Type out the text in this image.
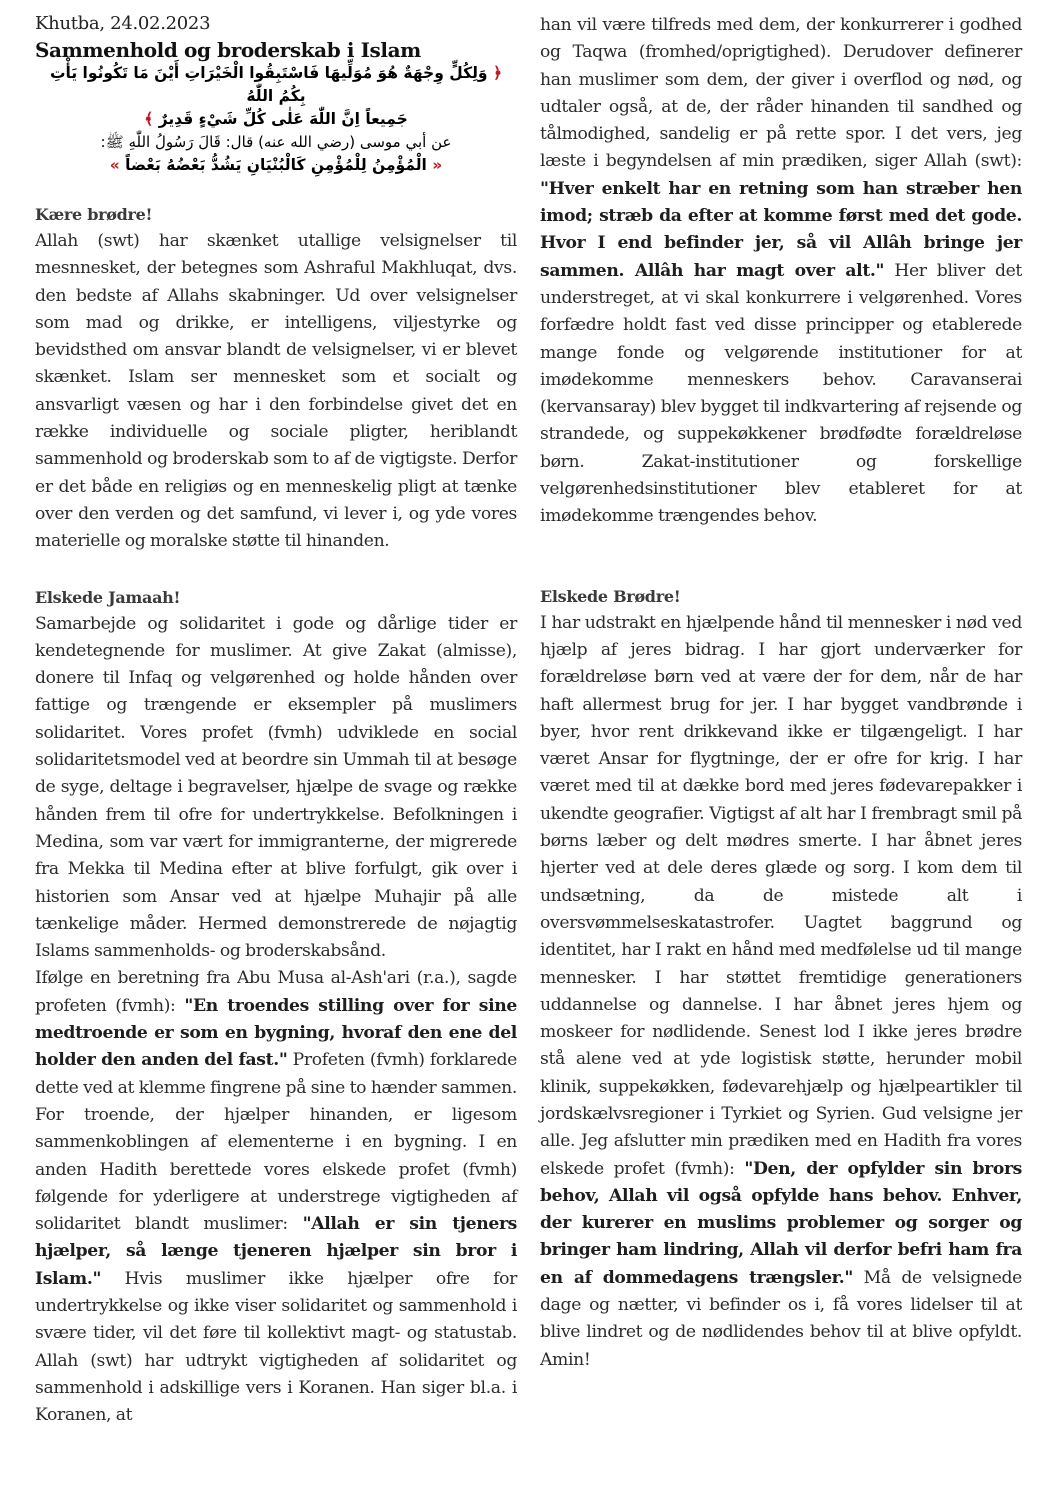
Khutba, 24.02.2023
Sammenhold og broderskab i Islam

﴿ وَلِكُلٍّ وِجْهَةٌ هُوَ مُوَلِّيهَا فَاسْتَبِقُوا الْخَيْرَاتِ أَيْنَ مَا تَكُونُوا يَأْتِ بِكُمُ اللّٰهُ

جَمِيعاً اِنَّ اللّٰهَ عَلٰى كُلِّ شَيْءٍ قَدِيرٌ ﴾

عن أبي موسى (رضي الله عنه) قال: قَالَ رَسُولُ اللّٰهِ ﷺ:

« الْمُؤْمِنُ لِلْمُؤْمِنِ كَالْبُنْيَانِ يَشُدُّ بَعْضُهُ بَعْضاً »

Kære brødre!

Allah (swt) har skænket utallige velsignelser til mesnnesket, der betegnes som Ashraful Makhluqat, dvs. den bedste af Allahs skabninger. Ud over velsignelser som mad og drikke, er intelligens, viljestyrke og bevidsthed om ansvar blandt de velsignelser, vi er blevet skænket. Islam ser mennesket som et socialt og ansvarligt væsen og har i den forbindelse givet det en række individuelle og sociale pligter, heriblandt sammenhold og broderskab som to af de vigtigste. Derfor er det både en religiøs og en menneskelig pligt at tænke over den verden og det samfund, vi lever i, og yde vores materielle og moralske støtte til hinanden.

Elskede Jamaah!

Samarbejde og solidaritet i gode og dårlige tider er kendetegnende for muslimer. At give Zakat (almisse), donere til Infaq og velgørenhed og holde hånden over fattige og trængende er eksempler på muslimers solidaritet. Vores profet (fvmh) udviklede en social solidaritetsmodel ved at beordre sin Ummah til at besøge de syge, deltage i begravelser, hjælpe de svage og række hånden frem til ofre for undertrykkelse. Befolkningen i Medina, som var vært for immigranterne, der migrerede fra Mekka til Medina efter at blive forfulgt, gik over i historien som Ansar ved at hjælpe Muhajir på alle tænkelige måder. Hermed demonstrerede de nøjagtig Islams sammenholds- og broderskabsånd.

Ifølge en beretning fra Abu Musa al-Ash'ari (r.a.), sagde profeten (fvmh): "En troendes stilling over for sine medtroende er som en bygning, hvoraf den ene del holder den anden del fast." Profeten (fvmh) forklarede dette ved at klemme fingrene på sine to hænder sammen. For troende, der hjælper hinanden, er ligesom sammenkoblingen af elementerne i en bygning. I en anden Hadith berettede vores elskede profet (fvmh) følgende for yderligere at understrege vigtigheden af solidaritet blandt muslimer: "Allah er sin tjeners hjælper, så længe tjeneren hjælper sin bror i Islam." Hvis muslimer ikke hjælper ofre for undertrykkelse og ikke viser solidaritet og sammenhold i svære tider, vil det føre til kollektivt magt- og statustab. Allah (swt) har udtrykt vigtigheden af solidaritet og sammenhold i adskillige vers i Koranen. Han siger bl.a. i Koranen, at

han vil være tilfreds med dem, der konkurrerer i godhed og Taqwa (fromhed/oprigtighed). Derudover definerer han muslimer som dem, der giver i overflod og nød, og udtaler også, at de, der råder hinanden til sandhed og tålmodighed, sandelig er på rette spor. I det vers, jeg læste i begyndelsen af min prædiken, siger Allah (swt): "Hver enkelt har en retning som han stræber hen imod; stræb da efter at komme først med det gode. Hvor I end befinder jer, så vil Allâh bringe jer sammen. Allâh har magt over alt." Her bliver det understreget, at vi skal konkurrere i velgørenhed. Vores forfædre holdt fast ved disse principper og etablerede mange fonde og velgørende institutioner for at imødekomme menneskers behov. Caravanserai (kervansaray) blev bygget til indkvartering af rejsende og strandede, og suppekøkkener brødfødte forældreløse børn. Zakat-institutioner og forskellige velgørenhedsinstitutioner blev etableret for at imødekomme trængendes behov.

Elskede Brødre!

I har udstrakt en hjælpende hånd til mennesker i nød ved hjælp af jeres bidrag. I har gjort underværker for forældreløse børn ved at være der for dem, når de har haft allermest brug for jer. I har bygget vandbrønde i byer, hvor rent drikkevand ikke er tilgængeligt. I har været Ansar for flygtninge, der er ofre for krig. I har været med til at dække bord med jeres fødevarepakker i ukendte geografier. Vigtigst af alt har I frembragt smil på børns læber og delt mødres smerte. I har åbnet jeres hjerter ved at dele deres glæde og sorg. I kom dem til undsætning, da de mistede alt i oversvømmelseskatastrofer. Uagtet baggrund og identitet, har I rakt en hånd med medfølelse ud til mange mennesker. I har støttet fremtidige generationers uddannelse og dannelse. I har åbnet jeres hjem og moskeer for nødlidende. Senest lod I ikke jeres brødre stå alene ved at yde logistisk støtte, herunder mobil klinik, suppekøkken, fødevarehjælp og hjælpeartikler til jordskælvsregioner i Tyrkiet og Syrien. Gud velsigne jer alle. Jeg afslutter min prædiken med en Hadith fra vores elskede profet (fvmh): "Den, der opfylder sin brors behov, Allah vil også opfylde hans behov. Enhver, der kurerer en muslims problemer og sorger og bringer ham lindring, Allah vil derfor befri ham fra en af dommedagens trængsler." Må de velsignede dage og nætter, vi befinder os i, få vores lidelser til at blive lindret og de nødlidendes behov til at blive opfyldt. Amin!
